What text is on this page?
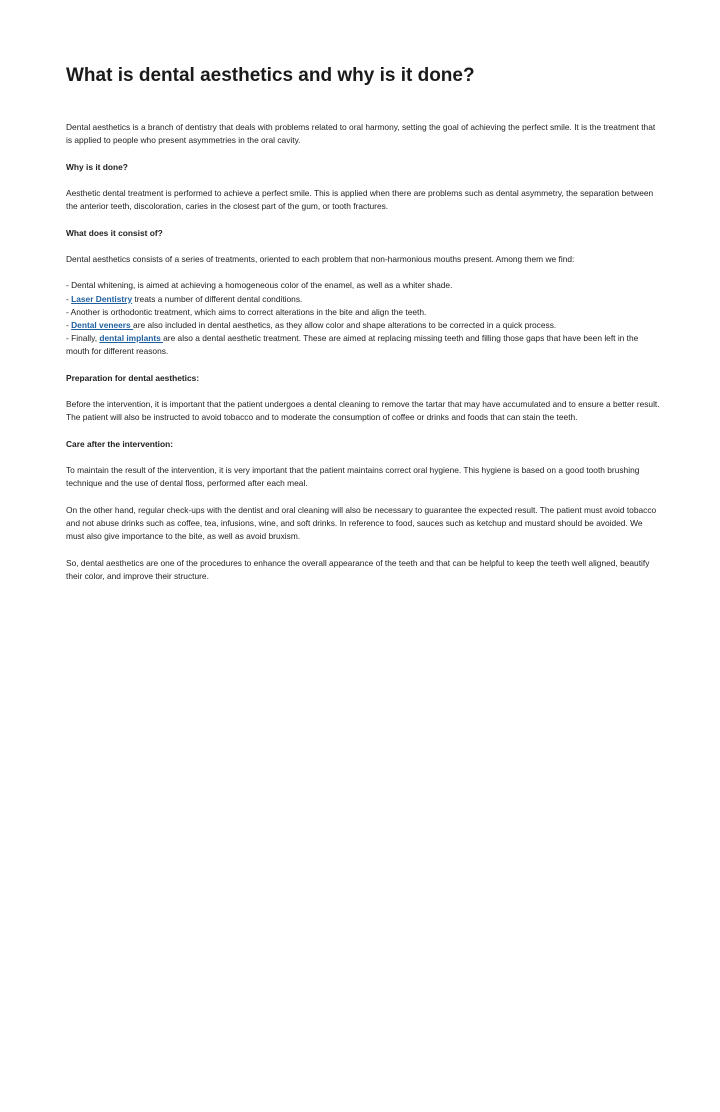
What is dental aesthetics and why is it done?

Dental aesthetics is a branch of dentistry that deals with problems related to oral harmony, setting the goal of achieving the perfect smile. It is the treatment that is applied to people who present asymmetries in the oral cavity.

Why is it done?

Aesthetic dental treatment is performed to achieve a perfect smile. This is applied when there are problems such as dental asymmetry, the separation between the anterior teeth, discoloration, caries in the closest part of the gum, or tooth fractures.

What does it consist of?

Dental aesthetics consists of a series of treatments, oriented to each problem that non-harmonious mouths present. Among them we find:

- Dental whitening, is aimed at achieving a homogeneous color of the enamel, as well as a whiter shade.

- Laser Dentistry treats a number of different dental conditions.

- Another is orthodontic treatment, which aims to correct alterations in the bite and align the teeth.

- Dental veneers are also included in dental aesthetics, as they allow color and shape alterations to be corrected in a quick process.

- Finally, dental implants are also a dental aesthetic treatment. These are aimed at replacing missing teeth and filling those gaps that have been left in the mouth for different reasons.

Preparation for dental aesthetics:

Before the intervention, it is important that the patient undergoes a dental cleaning to remove the tartar that may have accumulated and to ensure a better result. The patient will also be instructed to avoid tobacco and to moderate the consumption of coffee or drinks and foods that can stain the teeth.

Care after the intervention:

To maintain the result of the intervention, it is very important that the patient maintains correct oral hygiene. This hygiene is based on a good tooth brushing technique and the use of dental floss, performed after each meal.

On the other hand, regular check-ups with the dentist and oral cleaning will also be necessary to guarantee the expected result. The patient must avoid tobacco and not abuse drinks such as coffee, tea, infusions, wine, and soft drinks. In reference to food, sauces such as ketchup and mustard should be avoided. We must also give importance to the bite, as well as avoid bruxism.

So, dental aesthetics are one of the procedures to enhance the overall appearance of the teeth and that can be helpful to keep the teeth well aligned, beautify their color, and improve their structure.
